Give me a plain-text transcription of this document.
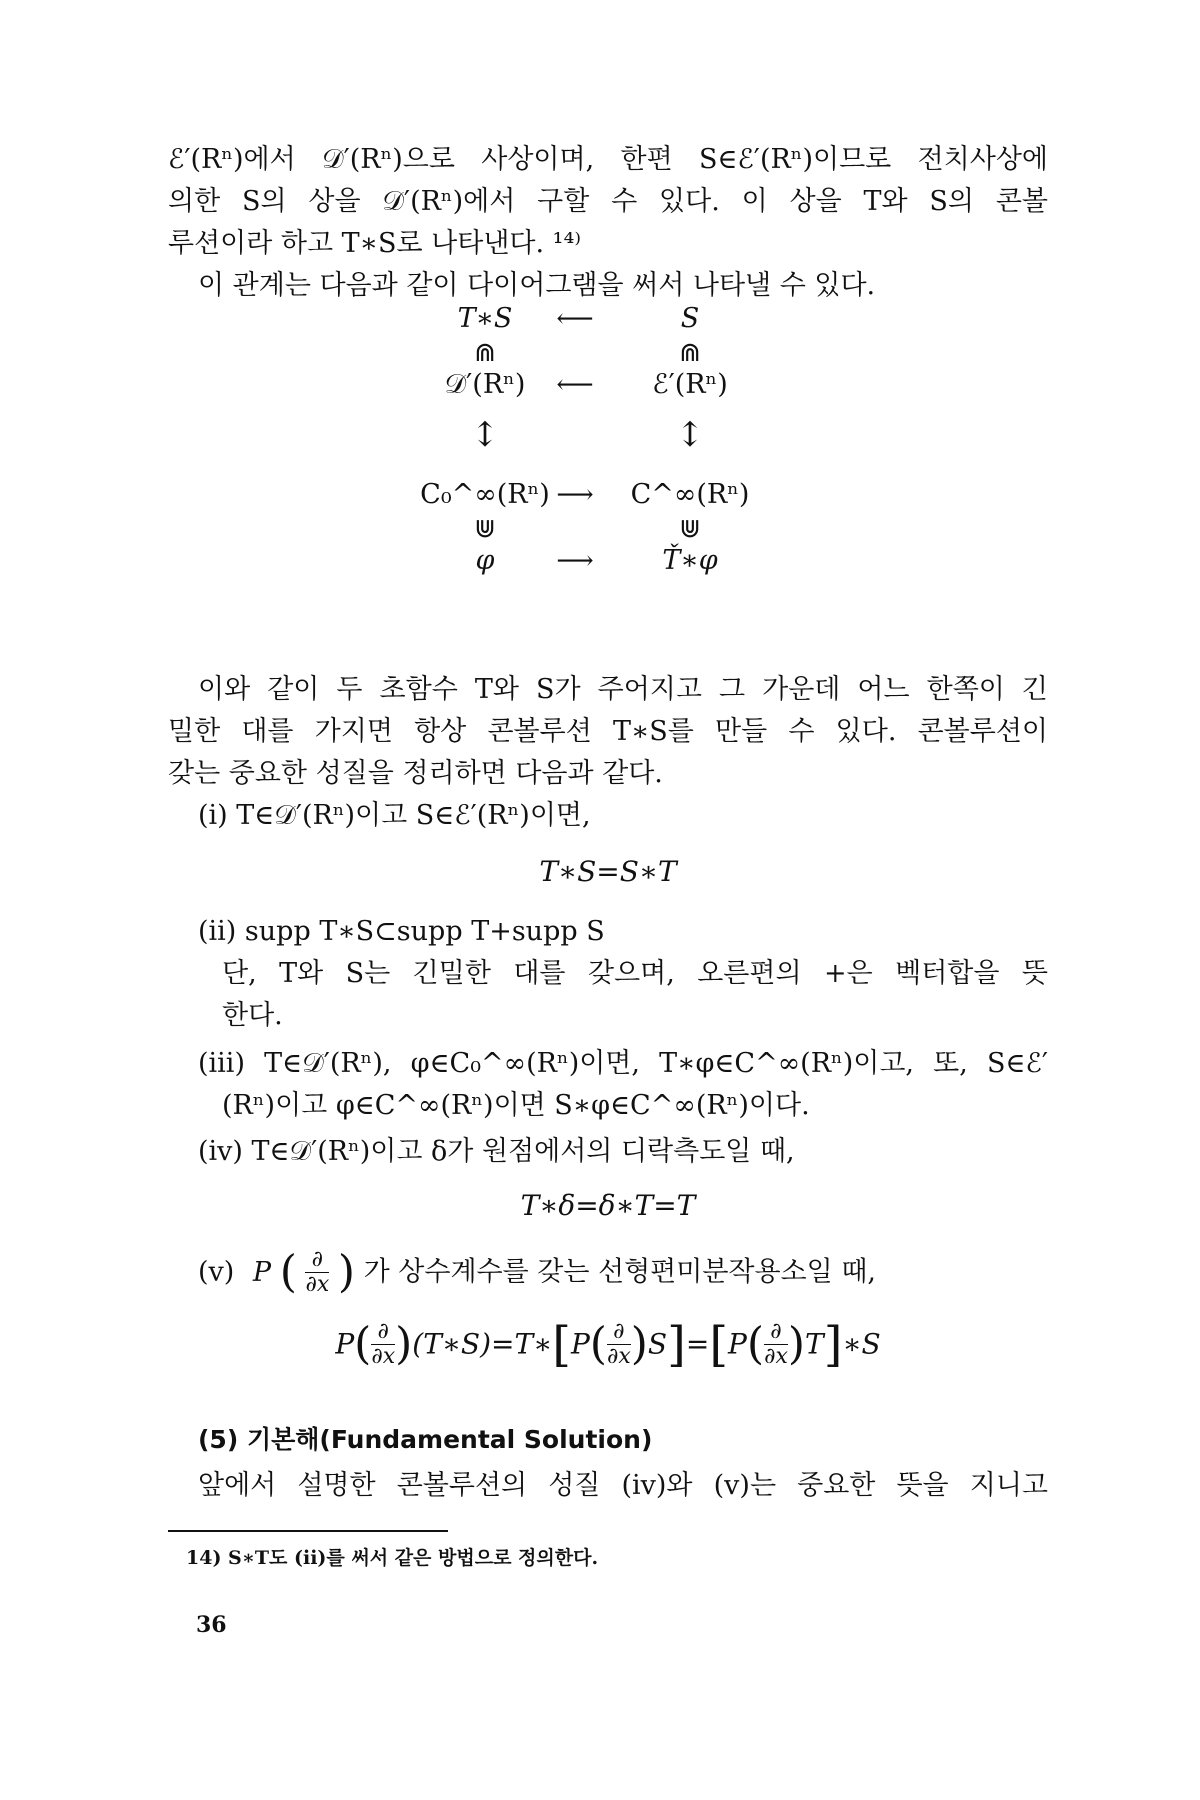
ℰ′(Rⁿ)에서 𝒟′(Rⁿ)으로 사상이며, 한편 S∈ℰ′(Rⁿ)이므로 전치사상에
의한 S의 상을 𝒟′(Rⁿ)에서 구할 수 있다. 이 상을 T와 S의 콘볼
루션이라 하고 T∗S로 나타낸다. ¹⁴⁾
이 관계는 다음과 같이 다이어그램을 써서 나타낼 수 있다.
T∗S	⟵	S
⋒	⋒
𝒟′(Rⁿ)	⟵	ℰ′(Rⁿ)
↕	↕
C₀^∞(Rⁿ) ⟶	C^∞(Rⁿ)
⋓	⋓
φ	⟶	Ť∗φ
이와 같이 두 초함수 T와 S가 주어지고 그 가운데 어느 한쪽이 긴
밀한 대를 가지면 항상 콘볼루션 T∗S를 만들 수 있다. 콘볼루션이
갖는 중요한 성질을 정리하면 다음과 같다.
(i) T∈𝒟′(Rⁿ)이고 S∈ℰ′(Rⁿ)이면,
T∗S=S∗T
(ii) supp T∗S⊂supp T+supp S
단, T와 S는 긴밀한 대를 갖으며, 오른편의 +은 벡터합을 뜻
한다.
(iii) T∈𝒟′(Rⁿ), φ∈C₀^∞(Rⁿ)이면, T∗φ∈C^∞(Rⁿ)이고, 또, S∈ℰ′
(Rⁿ)이고 φ∈C^∞(Rⁿ)이면 S∗φ∈C^∞(Rⁿ)이다.
(iv) T∈𝒟′(Rⁿ)이고 δ가 원점에서의 디락측도일 때,
T∗δ=δ∗T=T
(v) P ( ∂
∂x ) 가 상수계수를 갖는 선형편미분작용소일 때,
P( ∂
∂x )(T∗S)=T∗[P( ∂
∂x )S]=[P( ∂
∂x )T]∗S
(5) 기본해(Fundamental Solution)
앞에서 설명한 콘볼루션의 성질 (iv)와 (v)는 중요한 뜻을 지니고
14) S∗T도 (ii)를 써서 같은 방법으로 정의한다.
36
